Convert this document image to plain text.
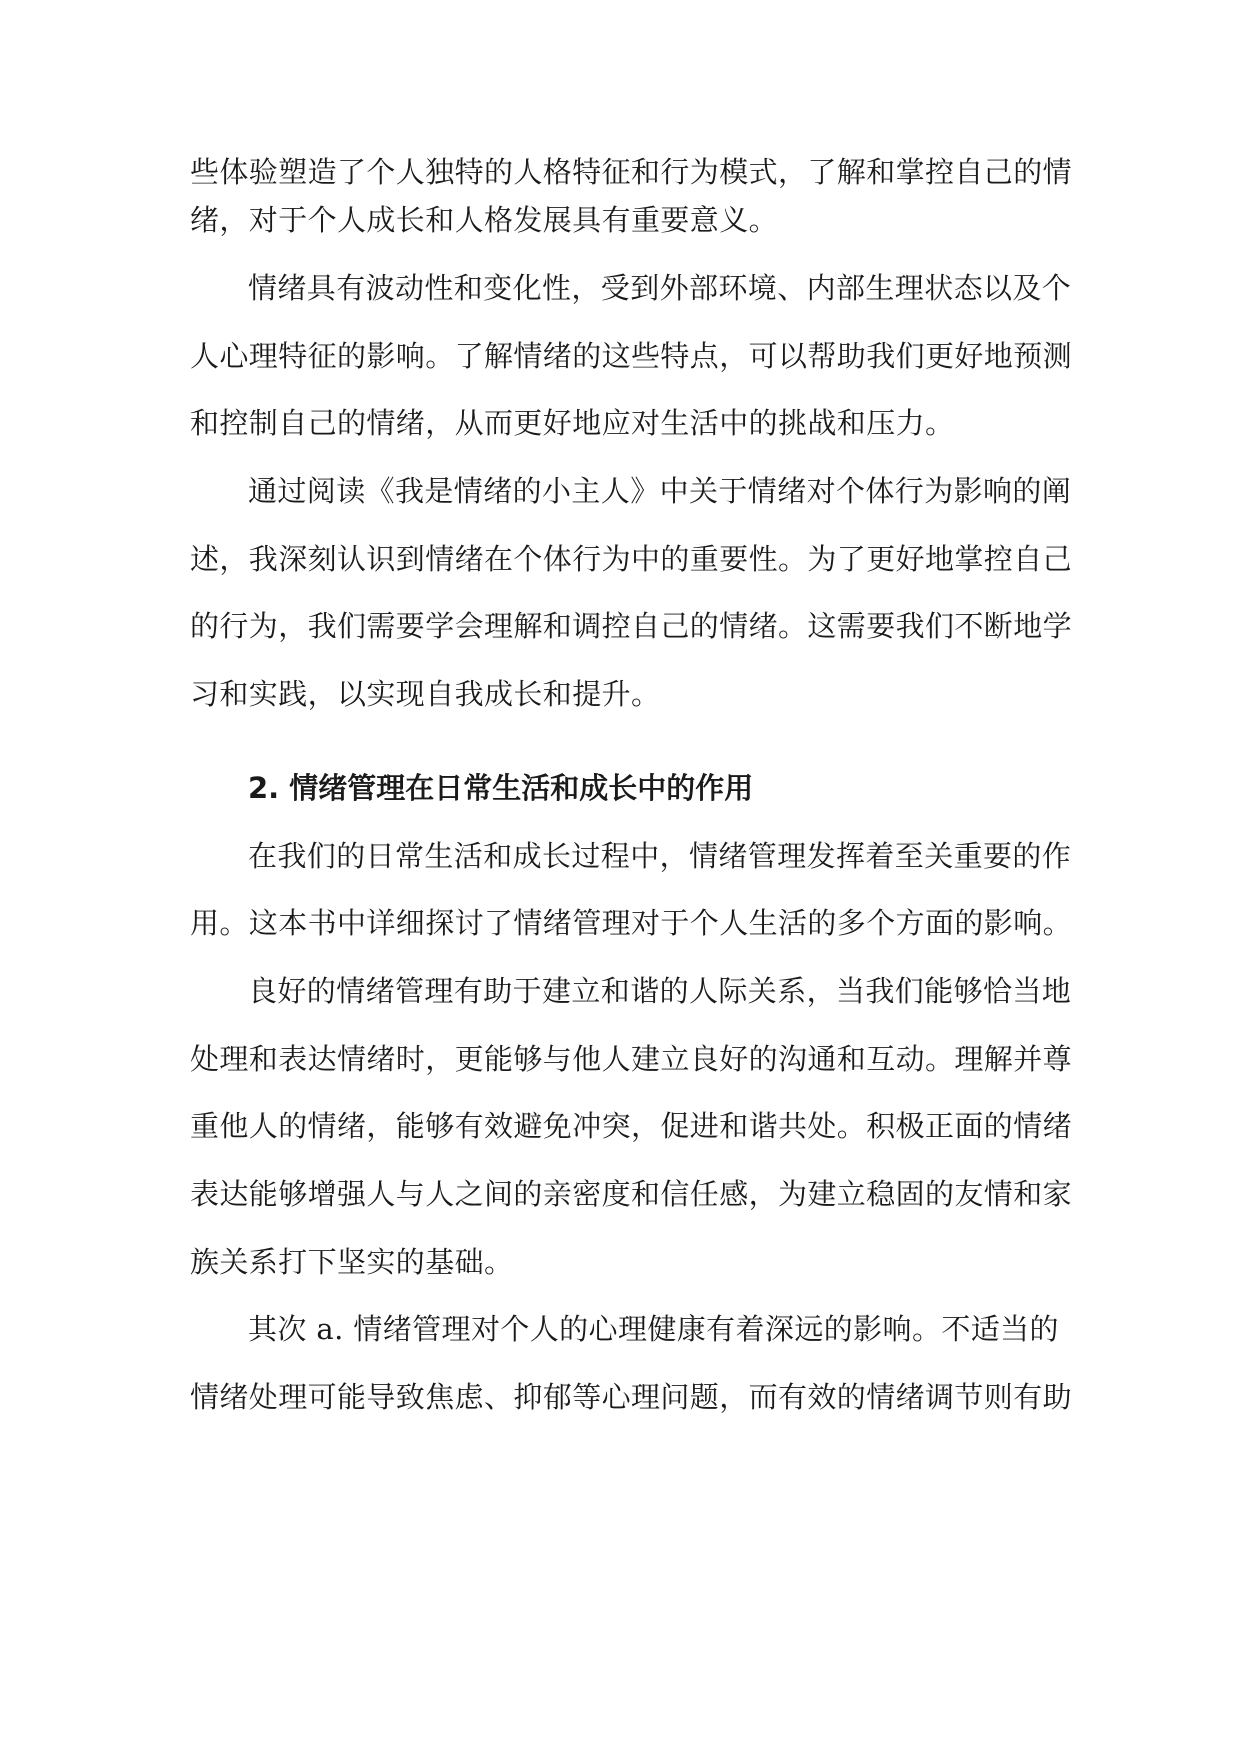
些体验塑造了个人独特的人格特征和行为模式，了解和掌控自己的情
绪，对于个人成长和人格发展具有重要意义。
情绪具有波动性和变化性，受到外部环境、内部生理状态以及个
人心理特征的影响。了解情绪的这些特点，可以帮助我们更好地预测
和控制自己的情绪，从而更好地应对生活中的挑战和压力。
通过阅读《我是情绪的小主人》中关于情绪对个体行为影响的阐
述，我深刻认识到情绪在个体行为中的重要性。为了更好地掌控自己
的行为，我们需要学会理解和调控自己的情绪。这需要我们不断地学
习和实践，以实现自我成长和提升。
2. 情绪管理在日常生活和成长中的作用
在我们的日常生活和成长过程中，情绪管理发挥着至关重要的作
用。这本书中详细探讨了情绪管理对于个人生活的多个方面的影响。
良好的情绪管理有助于建立和谐的人际关系，当我们能够恰当地
处理和表达情绪时，更能够与他人建立良好的沟通和互动。理解并尊
重他人的情绪，能够有效避免冲突，促进和谐共处。积极正面的情绪
表达能够增强人与人之间的亲密度和信任感，为建立稳固的友情和家
族关系打下坚实的基础。
其次 a. 情绪管理对个人的心理健康有着深远的影响。不适当的
情绪处理可能导致焦虑、抑郁等心理问题，而有效的情绪调节则有助
